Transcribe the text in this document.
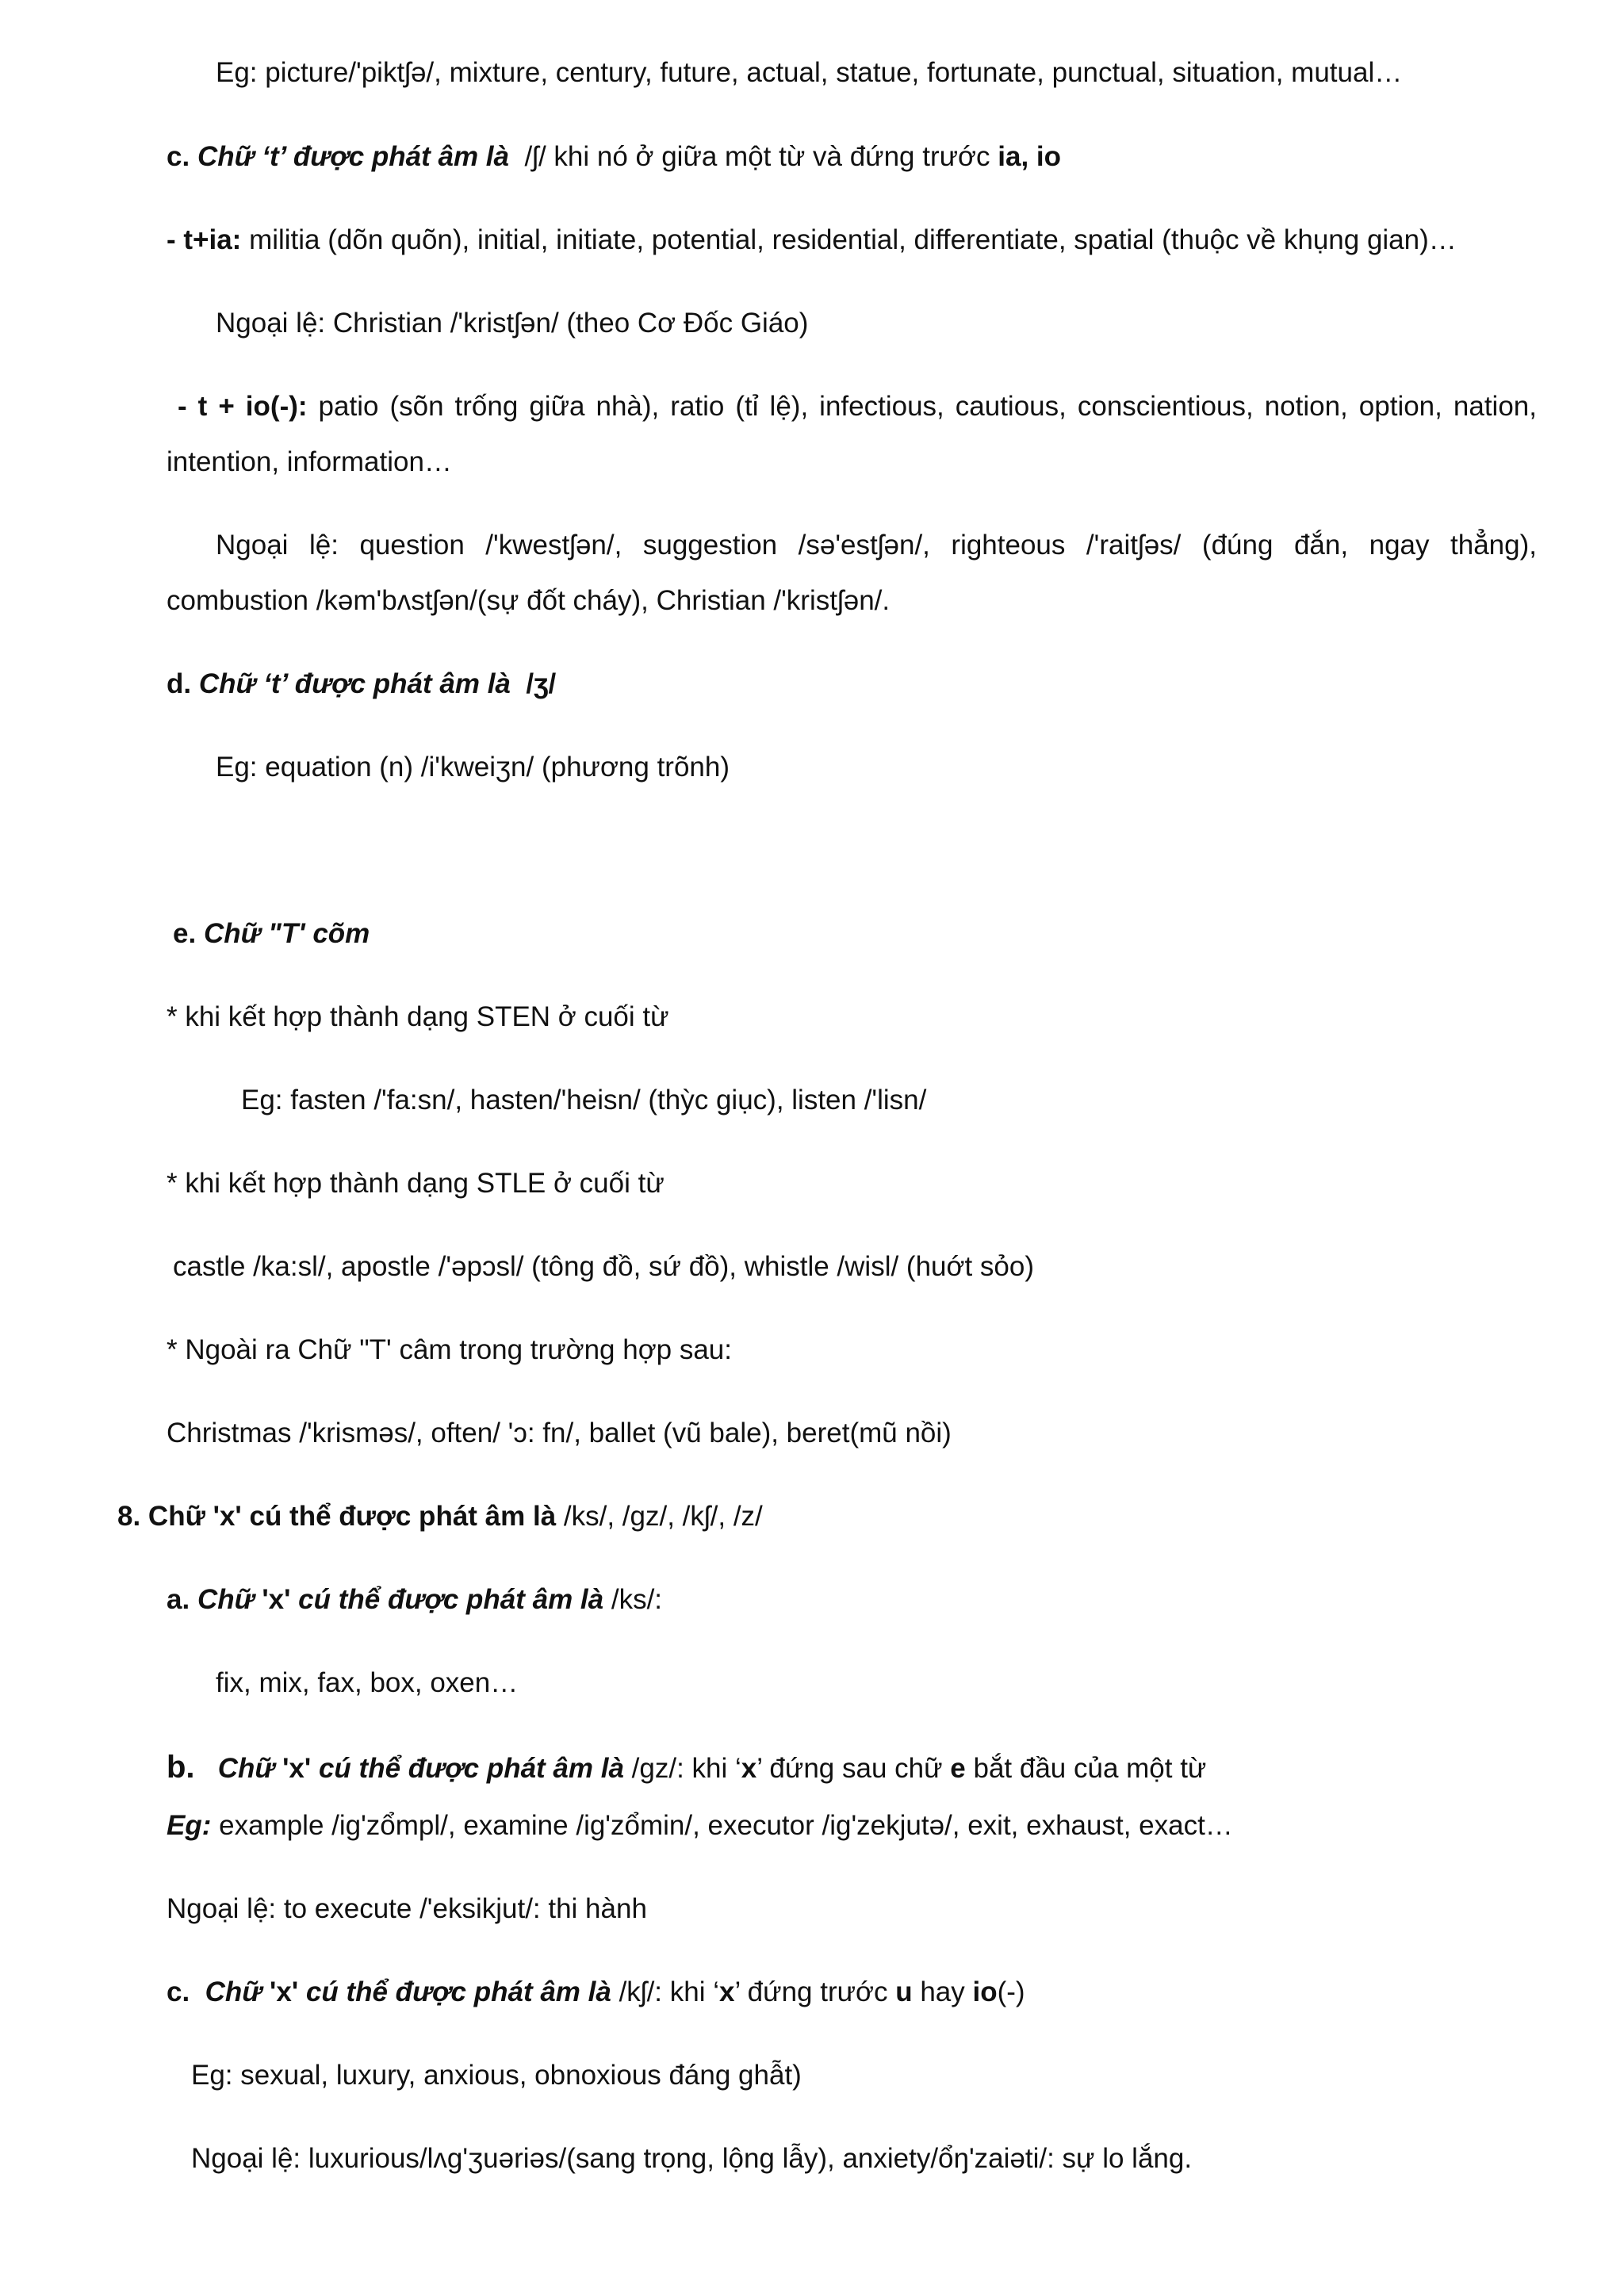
Eg: picture/'piktʃə/, mixture, century, future, actual, statue, fortunate, punctual, situation, mutual…
c. Chữ ‘t’ được phát âm là /ʃ/ khi nó ở giữa một từ và đứng trước ia, io
- t+ia: militia (dõn quõn), initial, initiate, potential, residential, differentiate, spatial (thuộc về khụng gian)…
Ngoại lệ: Christian /'kristʃən/ (theo Cơ Đốc Giáo)
- t + io(-): patio (sõn trống giữa nhà), ratio (tỉ lệ), infectious, cautious, conscientious, notion, option, nation,
intention, information…
Ngoại lệ: question /'kwestʃən/, suggestion /sə'estʃən/, righteous /'raitʃəs/ (đúng đắn, ngay thẳng),
combustion /kəm'bʌstʃən/(sự đốt cháy), Christian /'kristʃən/.
d. Chữ ‘t’ được phát âm là /ʒ/
Eg: equation (n) /i'kweiʒn/ (phương trõnh)
e. Chữ "T' cõm
* khi kết hợp thành dạng STEN ở cuối từ
Eg: fasten /'fa:sn/, hasten/'heisn/ (thỳc giục), listen /'lisn/
* khi kết hợp thành dạng STLE ở cuối từ
castle /ka:sl/, apostle /'əpɔsl/ (tông đồ, sứ đồ), whistle /wisl/ (huớt sỏo)
* Ngoài ra Chữ "T' câm trong trường hợp sau:
Christmas /'krisməs/, often/ 'ɔ: fn/, ballet (vũ bale), beret(mũ nồi)
8. Chữ 'x' cú thể được phát âm là /ks/, /gz/, /kʃ/, /z/
a. Chữ 'x' cú thể được phát âm là /ks/:
fix, mix, fax, box, oxen…
b. Chữ 'x' cú thể được phát âm là /gz/: khi ‘x’ đứng sau chữ e bắt đầu của một từ
Eg: example /ig'zổmpl/, examine /ig'zổmin/, executor /ig'zekjutə/, exit, exhaust, exact…
Ngoại lệ: to execute /'eksikjut/: thi hành
c. Chữ 'x' cú thể được phát âm là /kʃ/: khi ‘x’ đứng trước u hay io(-)
Eg: sexual, luxury, anxious, obnoxious đáng ghẫt)
Ngoại lệ: luxurious/lʌg'ʒuəriəs/(sang trọng, lộng lẫy), anxiety/ổŋ'zaiəti/: sự lo lắng.
